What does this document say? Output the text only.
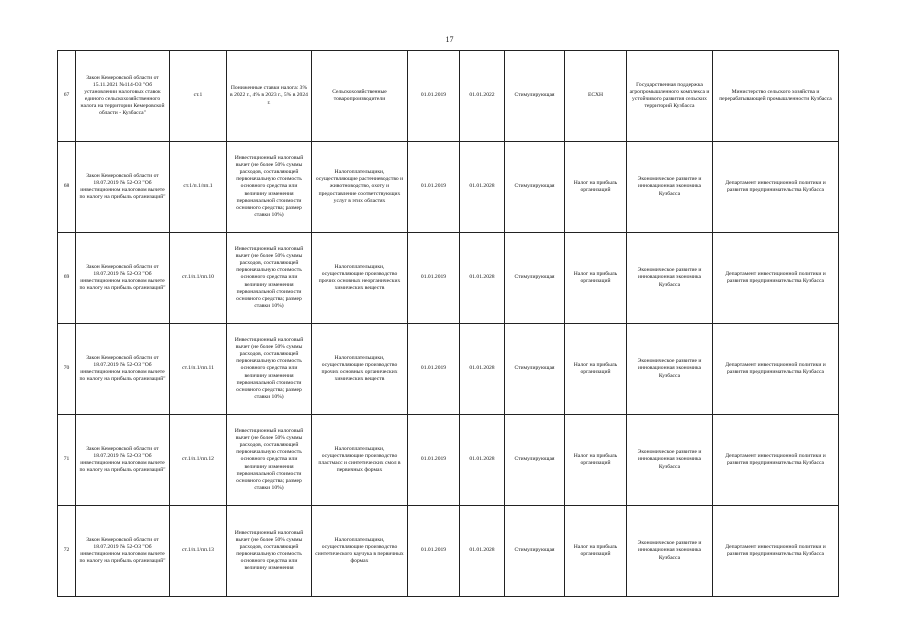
17
67	Закон Кемеровской области от 15.11.2021 №114-ОЗ "Об установлении налоговых ставок единого сельскохозяйственного налога на территории Кемеровской области - Кузбасса"	ст.1	Пониженные ставки налога: 3% в 2022 г., 4% в 2023 г., 5% в 2024 г.	Сельскохозяйственные товаропроизводители	01.01.2019	01.01.2022	Стимулирующая	ЕСХН	Государственная поддержка агропромышленного комплекса и устойчивого развития сельских территорий Кузбасса	Министерство сельского хозяйства и перерабатывающей промышленности Кузбасса
68	Закон Кемеровской области от 18.07.2019 № 52-ОЗ "Об инвестиционном налоговом вычете по налогу на прибыль организаций"	ст.1/п.1/пп.1	Инвестиционный налоговый вычет (не более 50% суммы расходов, составляющей первоначальную стоимость основного средства или величину изменения первоначальной стоимости основного средства; размер ставки 10%)	Налогоплательщики, осуществляющие растениеводство и животноводство, охоту и предоставление соответствующих услуг в этих областях	01.01.2019	01.01.2028	Стимулирующая	Налог на прибыль организаций	Экономическое развитие и инновационная экономика Кузбасса	Департамент инвестиционной политики и развития предпринимательства Кузбасса
69	Закон Кемеровской области от 18.07.2019 № 52-ОЗ "Об инвестиционном налоговом вычете по налогу на прибыль организаций"	ст.1/п.1/пп.10	Инвестиционный налоговый вычет (не более 50% суммы расходов, составляющей первоначальную стоимость основного средства или величину изменения первоначальной стоимости основного средства; размер ставки 10%)	Налогоплательщики, осуществляющие производство прочих основных неорганических химических веществ	01.01.2019	01.01.2028	Стимулирующая	Налог на прибыль организаций	Экономическое развитие и инновационная экономика Кузбасса	Департамент инвестиционной политики и развития предпринимательства Кузбасса
70	Закон Кемеровской области от 18.07.2019 № 52-ОЗ "Об инвестиционном налоговом вычете по налогу на прибыль организаций"	ст.1/п.1/пп.11	Инвестиционный налоговый вычет (не более 50% суммы расходов, составляющей первоначальную стоимость основного средства или величину изменения первоначальной стоимости основного средства; размер ставки 10%)	Налогоплательщики, осуществляющие производство прочих основных органических химических веществ	01.01.2019	01.01.2028	Стимулирующая	Налог на прибыль организаций	Экономическое развитие и инновационная экономика Кузбасса	Департамент инвестиционной политики и развития предпринимательства Кузбасса
71	Закон Кемеровской области от 18.07.2019 № 52-ОЗ "Об инвестиционном налоговом вычете по налогу на прибыль организаций"	ст.1/п.1/пп.12	Инвестиционный налоговый вычет (не более 50% суммы расходов, составляющей первоначальную стоимость основного средства или величину изменения первоначальной стоимости основного средства; размер ставки 10%)	Налогоплательщики, осуществляющие производство пластмасс и синтетических смол в первичных формах	01.01.2019	01.01.2028	Стимулирующая	Налог на прибыль организаций	Экономическое развитие и инновационная экономика Кузбасса	Департамент инвестиционной политики и развития предпринимательства Кузбасса
72	Закон Кемеровской области от 18.07.2019 № 52-ОЗ "Об инвестиционном налоговом вычете по налогу на прибыль организаций"	ст.1/п.1/пп.13	Инвестиционный налоговый вычет (не более 50% суммы расходов, составляющей первоначальную стоимость основного средства или величину изменения	Налогоплательщики, осуществляющие производство синтетического каучука в первичных формах	01.01.2019	01.01.2028	Стимулирующая	Налог на прибыль организаций	Экономическое развитие и инновационная экономика Кузбасса	Департамент инвестиционной политики и развития предпринимательства Кузбасса
